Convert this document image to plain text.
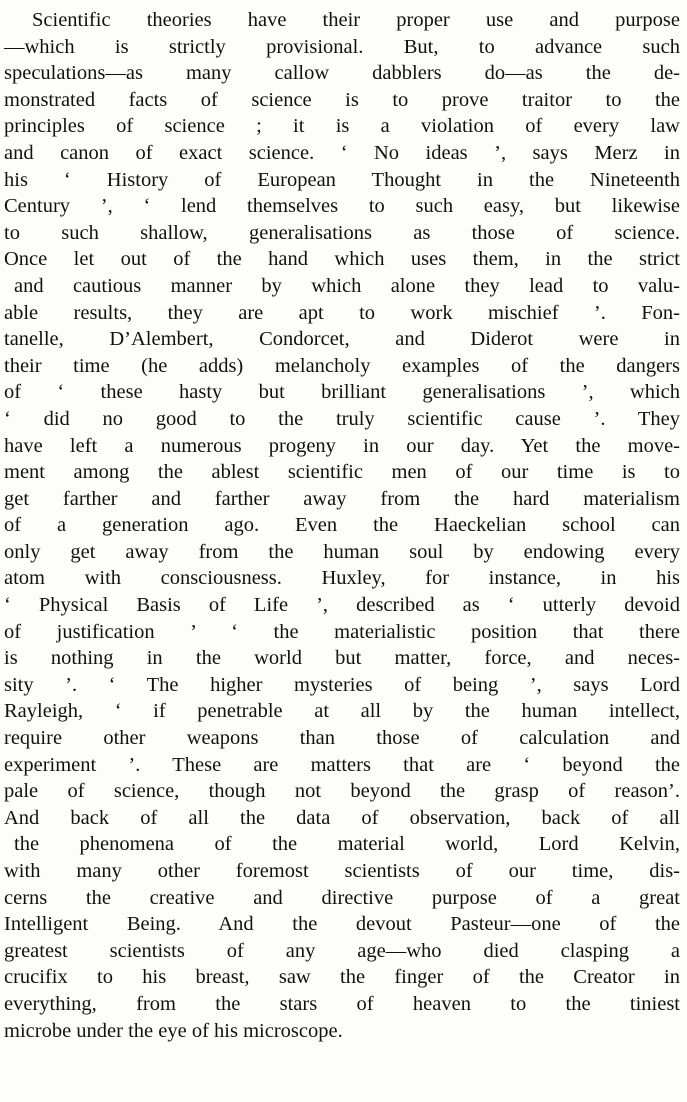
Scientific theories have their proper use and purpose
—which is strictly provisional. But, to advance such
speculations—as many callow dabblers do—as the de-
monstrated facts of science is to prove traitor to the
principles of science ; it is a violation of every law
and canon of exact science. ‘ No ideas ’, says Merz in
his ‘ History of European Thought in the Nineteenth
Century ’, ‘ lend themselves to such easy, but likewise
to such shallow, generalisations as those of science.
Once let out of the hand which uses them, in the strict
and cautious manner by which alone they lead to valu-
able results, they are apt to work mischief ’. Fon-
tanelle, D’Alembert, Condorcet, and Diderot were in
their time (he adds) melancholy examples of the dangers
of ‘ these hasty but brilliant generalisations ’, which
‘ did no good to the truly scientific cause ’. They
have left a numerous progeny in our day. Yet the move-
ment among the ablest scientific men of our time is to
get farther and farther away from the hard materialism
of a generation ago. Even the Haeckelian school can
only get away from the human soul by endowing every
atom with consciousness. Huxley, for instance, in his
‘ Physical Basis of Life ’, described as ‘ utterly devoid
of justification ’ ‘ the materialistic position that there
is nothing in the world but matter, force, and neces-
sity ’. ‘ The higher mysteries of being ’, says Lord
Rayleigh, ‘ if penetrable at all by the human intellect,
require other weapons than those of calculation and
experiment ’. These are matters that are ‘ beyond the
pale of science, though not beyond the grasp of reason’.
And back of all the data of observation, back of all
the phenomena of the material world, Lord Kelvin,
with many other foremost scientists of our time, dis-
cerns the creative and directive purpose of a great
Intelligent Being. And the devout Pasteur—one of the
greatest scientists of any age—who died clasping a
crucifix to his breast, saw the finger of the Creator in
everything, from the stars of heaven to the tiniest
microbe under the eye of his microscope.
